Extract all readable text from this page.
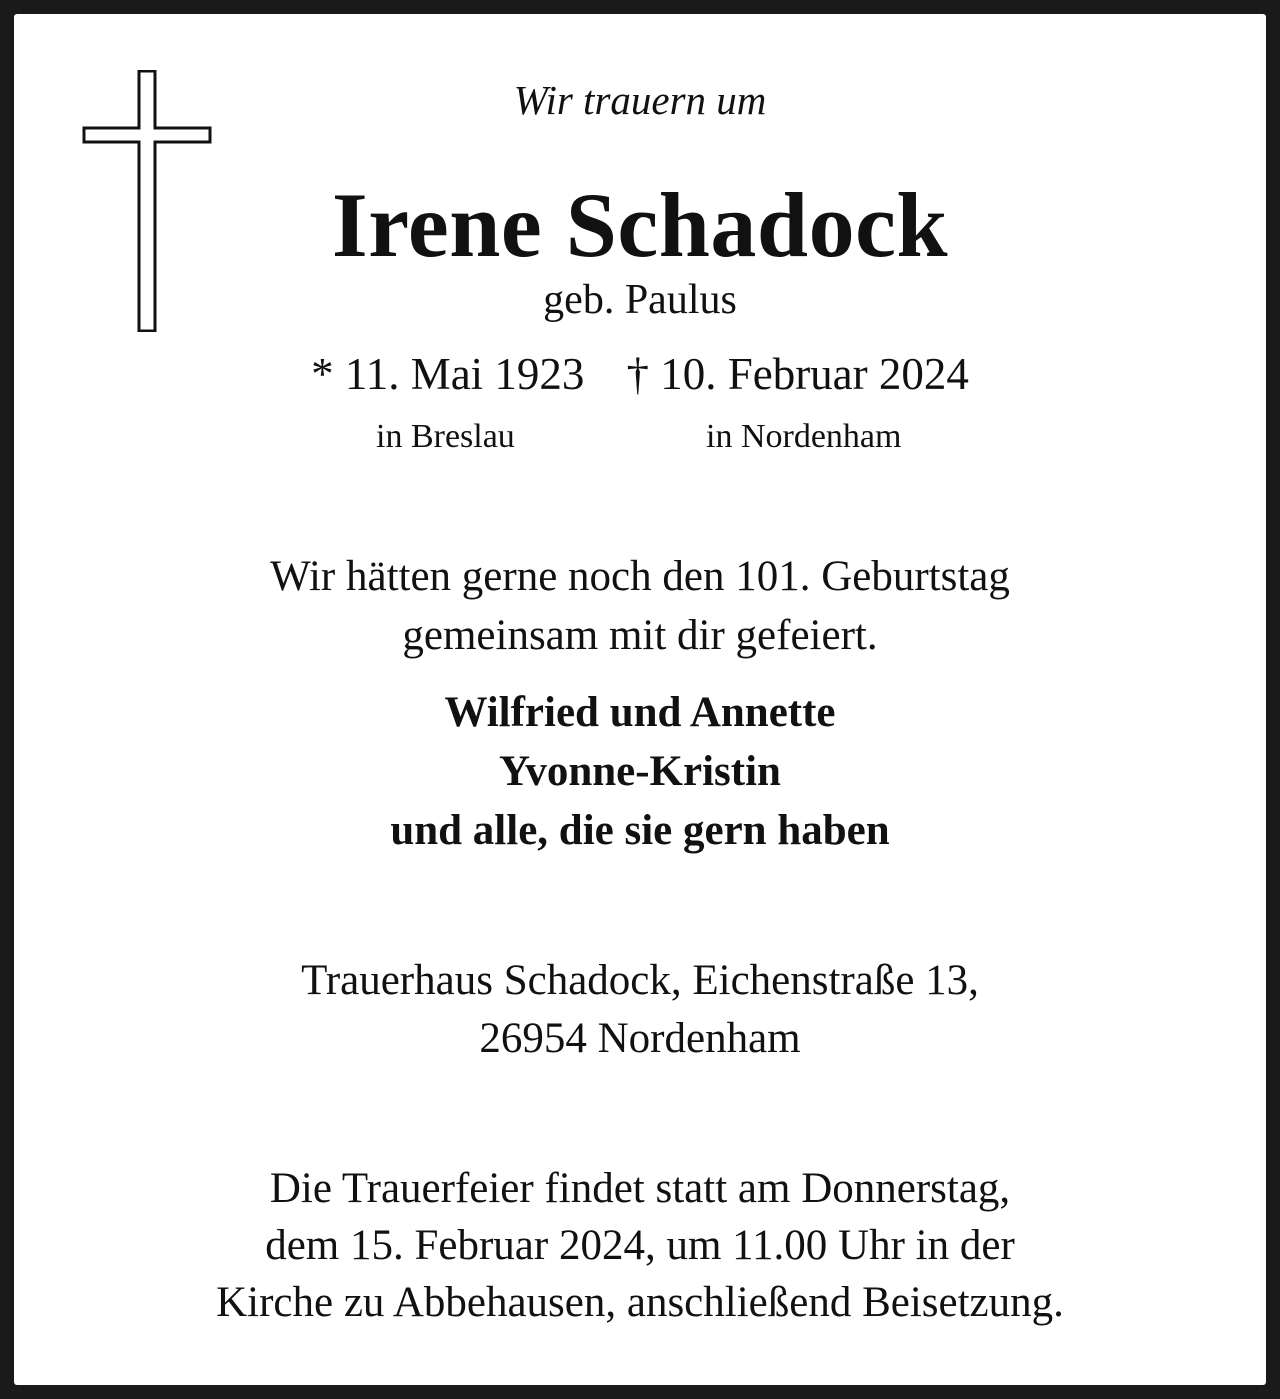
Wir trauern um
Irene Schadock
geb. Paulus
* 11. Mai 1923 † 10. Februar 2024
in Breslau	in Nordenham
Wir hätten gerne noch den 101. Geburtstag
gemeinsam mit dir gefeiert.
Wilfried und Annette
Yvonne-Kristin
und alle, die sie gern haben
Trauerhaus Schadock, Eichenstraße 13,
26954 Nordenham
Die Trauerfeier findet statt am Donnerstag,
dem 15. Februar 2024, um 11.00 Uhr in der
Kirche zu Abbehausen, anschließend Beisetzung.
